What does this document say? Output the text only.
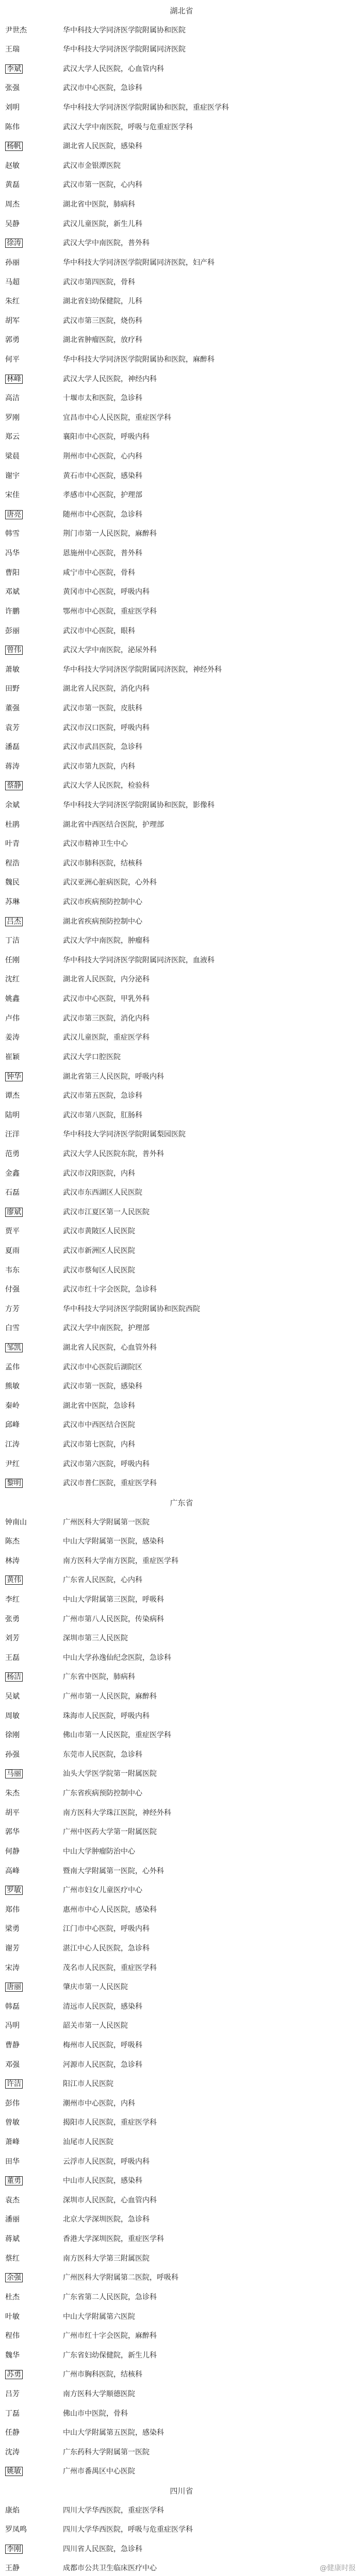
湖北省
尹世杰	华中科技大学同济医学院附属协和医院
王瑞	华中科技大学同济医学院附属同济医院
李斌	武汉大学人民医院，心血管内科
张强	武汉市中心医院，急诊科
刘明	华中科技大学同济医学院附属协和医院，重症医学科
陈伟	武汉大学中南医院，呼吸与危重症医学科
杨帆	湖北省人民医院，感染科
赵敏	武汉市金银潭医院
黄磊	武汉市第一医院，心内科
周杰	湖北省中医院，肺病科
吴静	武汉儿童医院，新生儿科
徐涛	武汉大学中南医院，普外科
孙丽	华中科技大学同济医学院附属同济医院，妇产科
马超	武汉市第四医院，骨科
朱红	湖北省妇幼保健院，儿科
胡军	武汉市第三医院，烧伤科
郭勇	湖北省肿瘤医院，放疗科
何平	华中科技大学同济医学院附属协和医院，麻醉科
林峰	武汉大学人民医院，神经内科
高洁	十堰市太和医院，急诊科
罗刚	宜昌市中心人民医院，重症医学科
郑云	襄阳市中心医院，呼吸内科
梁晨	荆州市中心医院，心内科
谢宇	黄石市中心医院，感染科
宋佳	孝感市中心医院，护理部
唐亮	随州市中心医院，急诊科
韩雪	荆门市第一人民医院，麻醉科
冯华	恩施州中心医院，普外科
曹阳	咸宁市中心医院，骨科
邓斌	黄冈市中心医院，呼吸内科
许鹏	鄂州市中心医院，重症医学科
彭丽	武汉市中心医院，眼科
曾伟	武汉大学中南医院，泌尿外科
萧敏	华中科技大学同济医学院附属同济医院，神经外科
田野	湖北省人民医院，消化内科
董强	武汉市第一医院，皮肤科
袁芳	武汉市汉口医院，呼吸内科
潘磊	武汉市武昌医院，急诊科
蒋涛	武汉市第九医院，内科
蔡静	武汉大学人民医院，检验科
余斌	华中科技大学同济医学院附属协和医院，影像科
杜鹃	湖北省中西医结合医院，护理部
叶青	武汉市精神卫生中心
程浩	武汉市肺科医院，结核科
魏民	武汉亚洲心脏病医院，心外科
苏琳	武汉市疾病预防控制中心
吕杰	湖北省疾病预防控制中心
丁洁	武汉大学中南医院，肿瘤科
任刚	华中科技大学同济医学院附属同济医院，血液科
沈红	湖北省人民医院，内分泌科
姚鑫	武汉市中心医院，甲乳外科
卢伟	武汉市第三医院，消化内科
姜涛	武汉儿童医院，重症医学科
崔颖	武汉大学口腔医院
钟华	湖北省第三人民医院，呼吸内科
谭杰	武汉市第五医院，急诊科
陆明	武汉市第八医院，肛肠科
汪洋	华中科技大学同济医学院附属梨园医院
范勇	武汉大学人民医院东院，普外科
金鑫	武汉市汉阳医院，内科
石磊	武汉市东西湖区人民医院
廖斌	武汉市江夏区第一人民医院
贾平	武汉市黄陂区人民医院
夏雨	武汉市新洲区人民医院
韦东	武汉市蔡甸区人民医院
付强	武汉市红十字会医院，急诊科
方芳	华中科技大学同济医学院附属协和医院西院
白雪	武汉大学中南医院，护理部
邹凯	湖北省人民医院，心血管外科
孟伟	武汉市中心医院后湖院区
熊敏	武汉市第一医院，感染科
秦岭	湖北省中医院，急诊科
邱峰	武汉市中西医结合医院
江涛	武汉市第七医院，内科
尹红	武汉市第六医院，呼吸内科
黎明	武汉市普仁医院，重症医学科
广东省
钟南山	广州医科大学附属第一医院
陈杰	中山大学附属第一医院，感染科
林涛	南方医科大学南方医院，重症医学科
黄伟	广东省人民医院，心内科
李红	中山大学附属第三医院，呼吸科
张勇	广州市第八人民医院，传染病科
刘芳	深圳市第三人民医院
王磊	中山大学孙逸仙纪念医院，急诊科
杨洁	广东省中医院，肺病科
吴斌	广州市第一人民医院，麻醉科
周敏	珠海市人民医院，呼吸内科
徐刚	佛山市第一人民医院，重症医学科
孙强	东莞市人民医院，急诊科
马丽	汕头大学医学院第一附属医院
朱杰	广东省疾病预防控制中心
胡平	南方医科大学珠江医院，神经外科
郭华	广州中医药大学第一附属医院
何静	中山大学肿瘤防治中心
高峰	暨南大学附属第一医院，心外科
罗敏	广州市妇女儿童医疗中心
郑伟	惠州市中心人民医院，感染科
梁勇	江门市中心医院，呼吸内科
谢芳	湛江中心人民医院，急诊科
宋涛	茂名市人民医院，重症医学科
唐丽	肇庆市第一人民医院
韩磊	清远市人民医院，感染科
冯明	韶关市第一人民医院
曹静	梅州市人民医院，呼吸科
邓强	河源市人民医院，急诊科
许洁	阳江市人民医院
彭伟	潮州市中心医院，内科
曾敏	揭阳市人民医院，重症医学科
萧峰	汕尾市人民医院
田华	云浮市人民医院，呼吸内科
董勇	中山市人民医院，感染科
袁杰	深圳市人民医院，心血管内科
潘丽	北京大学深圳医院，急诊科
蒋斌	香港大学深圳医院，重症医学科
蔡红	南方医科大学第三附属医院
余强	广州医科大学附属第二医院，呼吸科
杜杰	广东省第二人民医院，急诊科
叶敏	中山大学附属第六医院
程伟	广州市红十字会医院，麻醉科
魏华	广东省妇幼保健院，新生儿科
苏勇	广州市胸科医院，结核科
吕芳	南方医科大学顺德医院
丁磊	佛山市中医院，骨科
任静	中山大学附属第五医院，感染科
沈涛	广东药科大学附属第一医院
姚敏	广州市番禺区中心医院
四川省
康焰	四川大学华西医院，重症医学科
罗凤鸣	四川大学华西医院，呼吸与危重症医学科
李刚	四川省人民医院，急诊科
王静	成都市公共卫生临床医疗中心	@健康时报
